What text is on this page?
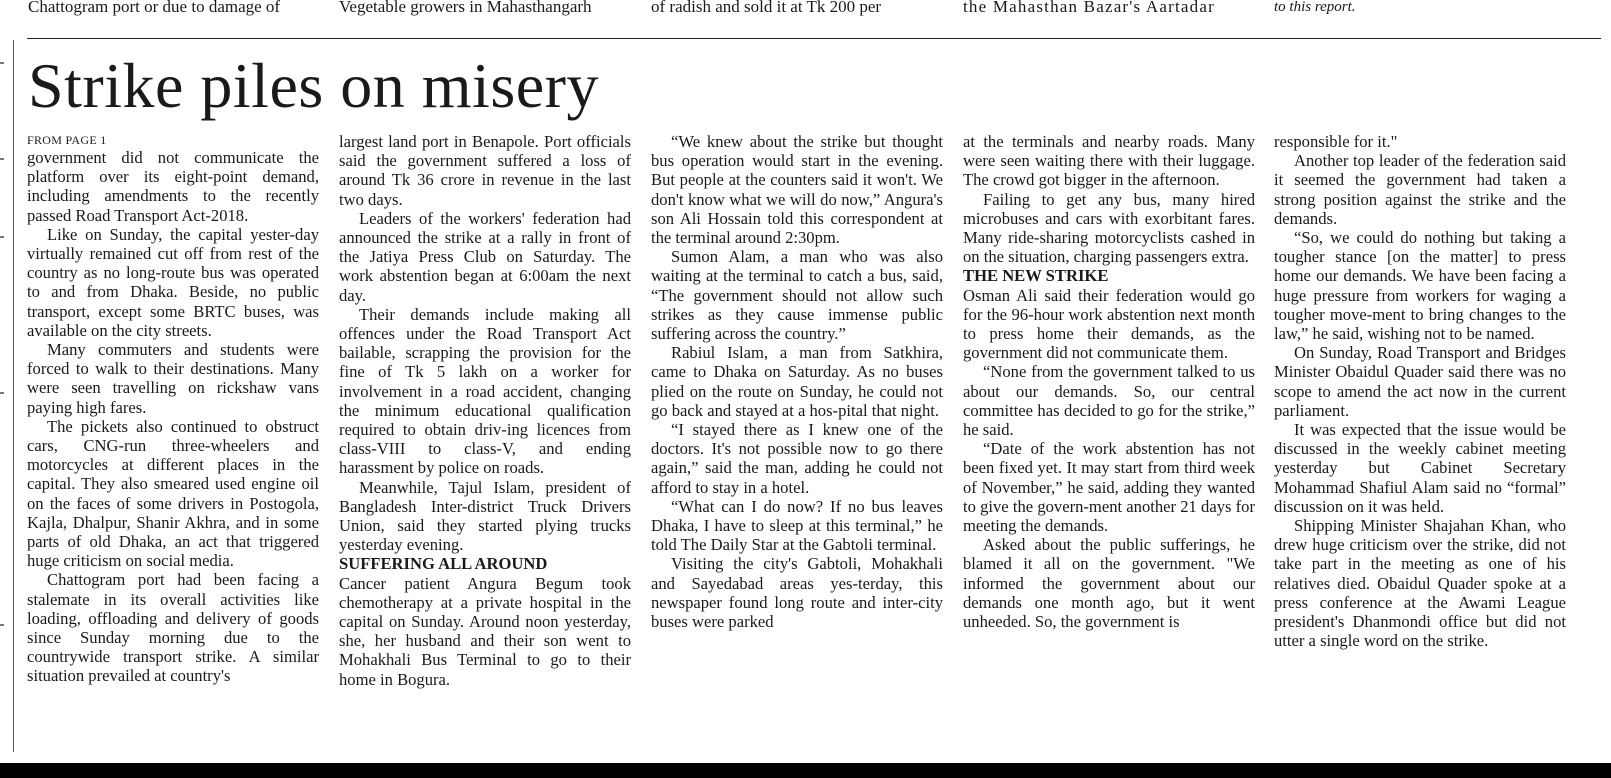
Chattogram port or due to damage of	Vegetable growers in Mahasthangarh	of radish and sold it at Tk 200 per	the Mahasthan Bazar's Aartadar	to this report.
Strike piles on misery

FROM PAGE 1

government did not communicate the platform over its eight-point demand, including amendments to the recently passed Road Transport Act-2018.

Like on Sunday, the capital yester-day virtually remained cut off from rest of the country as no long-route bus was operated to and from Dhaka. Beside, no public transport, except some BRTC buses, was available on the city streets.

Many commuters and students were forced to walk to their destinations. Many were seen travelling on rickshaw vans paying high fares.

The pickets also continued to obstruct cars, CNG-run three-wheelers and motorcycles at different places in the capital. They also smeared used engine oil on the faces of some drivers in Postogola, Kajla, Dhalpur, Shanir Akhra, and in some parts of old Dhaka, an act that triggered huge criticism on social media.

Chattogram port had been facing a stalemate in its overall activities like loading, offloading and delivery of goods since Sunday morning due to the countrywide transport strike. A similar situation prevailed at country's

largest land port in Benapole. Port officials said the government suffered a loss of around Tk 36 crore in revenue in the last two days.

Leaders of the workers' federation had announced the strike at a rally in front of the Jatiya Press Club on Saturday. The work abstention began at 6:00am the next day.

Their demands include making all offences under the Road Transport Act bailable, scrapping the provision for the fine of Tk 5 lakh on a worker for involvement in a road accident, changing the minimum educational qualification required to obtain driv-ing licences from class-VIII to class-V, and ending harassment by police on roads.

Meanwhile, Tajul Islam, president of Bangladesh Inter-district Truck Drivers Union, said they started plying trucks yesterday evening.

SUFFERING ALL AROUND

Cancer patient Angura Begum took chemotherapy at a private hospital in the capital on Sunday. Around noon yesterday, she, her husband and their son went to Mohakhali Bus Terminal to go to their home in Bogura.

“We knew about the strike but thought bus operation would start in the evening. But people at the counters said it won't. We don't know what we will do now,” Angura's son Ali Hossain told this correspondent at the terminal around 2:30pm.

Sumon Alam, a man who was also waiting at the terminal to catch a bus, said, “The government should not allow such strikes as they cause immense public suffering across the country.”

Rabiul Islam, a man from Satkhira, came to Dhaka on Saturday. As no buses plied on the route on Sunday, he could not go back and stayed at a hos-pital that night.

“I stayed there as I knew one of the doctors. It's not possible now to go there again,” said the man, adding he could not afford to stay in a hotel.

“What can I do now? If no bus leaves Dhaka, I have to sleep at this terminal,” he told The Daily Star at the Gabtoli terminal.

Visiting the city's Gabtoli, Mohakhali and Sayedabad areas yes-terday, this newspaper found long route and inter-city buses were parked

at the terminals and nearby roads. Many were seen waiting there with their luggage. The crowd got bigger in the afternoon.

Failing to get any bus, many hired microbuses and cars with exorbitant fares. Many ride-sharing motorcyclists cashed in on the situation, charging passengers extra.

THE NEW STRIKE

Osman Ali said their federation would go for the 96-hour work abstention next month to press home their demands, as the government did not communicate them.

“None from the government talked to us about our demands. So, our central committee has decided to go for the strike,” he said.

“Date of the work abstention has not been fixed yet. It may start from third week of November,” he said, adding they wanted to give the govern-ment another 21 days for meeting the demands.

Asked about the public sufferings, he blamed it all on the government. "We informed the government about our demands one month ago, but it went unheeded. So, the government is

responsible for it."

Another top leader of the federation said it seemed the government had taken a strong position against the strike and the demands.

“So, we could do nothing but taking a tougher stance [on the matter] to press home our demands. We have been facing a huge pressure from workers for waging a tougher move-ment to bring changes to the law,” he said, wishing not to be named.

On Sunday, Road Transport and Bridges Minister Obaidul Quader said there was no scope to amend the act now in the current parliament.

It was expected that the issue would be discussed in the weekly cabinet meeting yesterday but Cabinet Secretary Mohammad Shafiul Alam said no “formal” discussion on it was held.

Shipping Minister Shajahan Khan, who drew huge criticism over the strike, did not take part in the meeting as one of his relatives died. Obaidul Quader spoke at a press conference at the Awami League president's Dhanmondi office but did not utter a single word on the strike.
